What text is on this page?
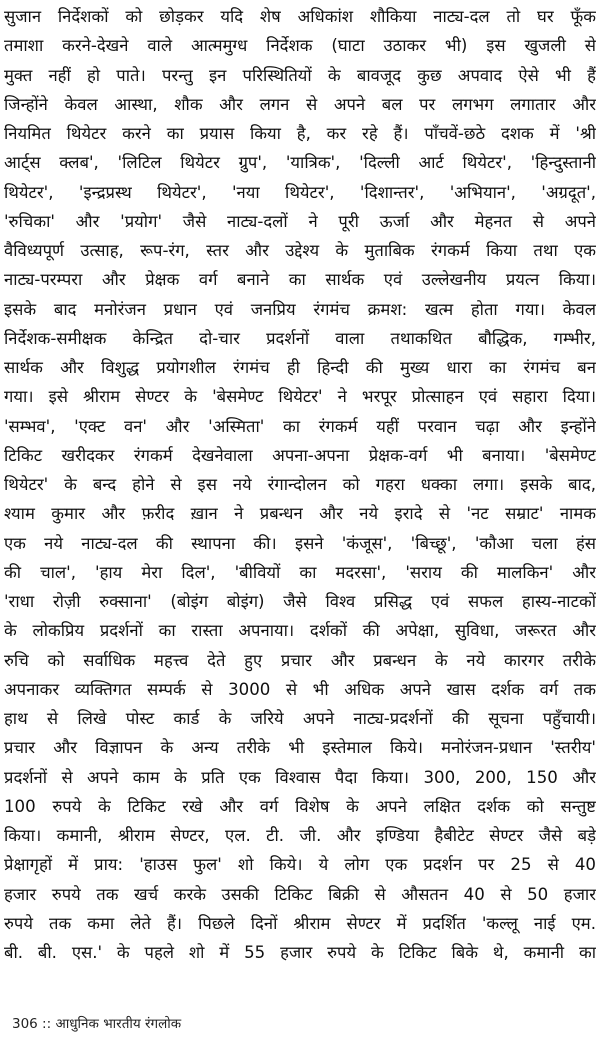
सुजान निर्देशकों को छोड़कर यदि शेष अधिकांश शौकिया नाट्य-दल तो घर फूँक
तमाशा करने-देखने वाले आत्ममुग्ध निर्देशक (घाटा उठाकर भी) इस खुजली से
मुक्त नहीं हो पाते। परन्तु इन परिस्थितियों के बावजूद कुछ अपवाद ऐसे भी हैं
जिन्होंने केवल आस्था, शौक और लगन से अपने बल पर लगभग लगातार और
नियमित थियेटर करने का प्रयास किया है, कर रहे हैं। पाँचवें-छठे दशक में 'श्री
आर्ट्स क्लब', 'लिटिल थियेटर ग्रुप', 'यात्रिक', 'दिल्ली आर्ट थियेटर', 'हिन्दुस्तानी
थियेटर', 'इन्द्रप्रस्थ थियेटर', 'नया थियेटर', 'दिशान्तर', 'अभियान', 'अग्रदूत',
'रुचिका' और 'प्रयोग' जैसे नाट्य-दलों ने पूरी ऊर्जा और मेहनत से अपने
वैविध्यपूर्ण उत्साह, रूप-रंग, स्तर और उद्देश्य के मुताबिक रंगकर्म किया तथा एक
नाट्य-परम्परा और प्रेक्षक वर्ग बनाने का सार्थक एवं उल्लेखनीय प्रयत्न किया।
इसके बाद मनोरंजन प्रधान एवं जनप्रिय रंगमंच क्रमश: खत्म होता गया। केवल
निर्देशक-समीक्षक केन्द्रित दो-चार प्रदर्शनों वाला तथाकथित बौद्धिक, गम्भीर,
सार्थक और विशुद्ध प्रयोगशील रंगमंच ही हिन्दी की मुख्य धारा का रंगमंच बन
गया। इसे श्रीराम सेण्टर के 'बेसमेण्ट थियेटर' ने भरपूर प्रोत्साहन एवं सहारा दिया।
'सम्भव', 'एक्ट वन' और 'अस्मिता' का रंगकर्म यहीं परवान चढ़ा और इन्होंने
टिकिट खरीदकर रंगकर्म देखनेवाला अपना-अपना प्रेक्षक-वर्ग भी बनाया। 'बेसमेण्ट
थियेटर' के बन्द होने से इस नये रंगान्दोलन को गहरा धक्का लगा। इसके बाद,
श्याम कुमार और फ़रीद ख़ान ने प्रबन्धन और नये इरादे से 'नट सम्राट' नामक
एक नये नाट्य-दल की स्थापना की। इसने 'कंजूस', 'बिच्छू', 'कौआ चला हंस
की चाल', 'हाय मेरा दिल', 'बीवियों का मदरसा', 'सराय की मालकिन' और
'राधा रोज़ी रुक्साना' (बोइंग बोइंग) जैसे विश्व प्रसिद्ध एवं सफल हास्य-नाटकों
के लोकप्रिय प्रदर्शनों का रास्ता अपनाया। दर्शकों की अपेक्षा, सुविधा, जरूरत और
रुचि को सर्वाधिक महत्त्व देते हुए प्रचार और प्रबन्धन के नये कारगर तरीके
अपनाकर व्यक्तिगत सम्पर्क से 3000 से भी अधिक अपने खास दर्शक वर्ग तक
हाथ से लिखे पोस्ट कार्ड के जरिये अपने नाट्य-प्रदर्शनों की सूचना पहुँचायी।
प्रचार और विज्ञापन के अन्य तरीके भी इस्तेमाल किये। मनोरंजन-प्रधान 'स्तरीय'
प्रदर्शनों से अपने काम के प्रति एक विश्वास पैदा किया। 300, 200, 150 और
100 रुपये के टिकिट रखे और वर्ग विशेष के अपने लक्षित दर्शक को सन्तुष्ट
किया। कमानी, श्रीराम सेण्टर, एल. टी. जी. और इण्डिया हैबीटेट सेण्टर जैसे बड़े
प्रेक्षागृहों में प्राय: 'हाउस फुल' शो किये। ये लोग एक प्रदर्शन पर 25 से 40
हजार रुपये तक खर्च करके उसकी टिकिट बिक्री से औसतन 40 से 50 हजार
रुपये तक कमा लेते हैं। पिछले दिनों श्रीराम सेण्टर में प्रदर्शित 'कल्लू नाई एम.
बी. बी. एस.' के पहले शो में 55 हजार रुपये के टिकिट बिके थे, कमानी का
306 :: आधुनिक भारतीय रंगलोक
